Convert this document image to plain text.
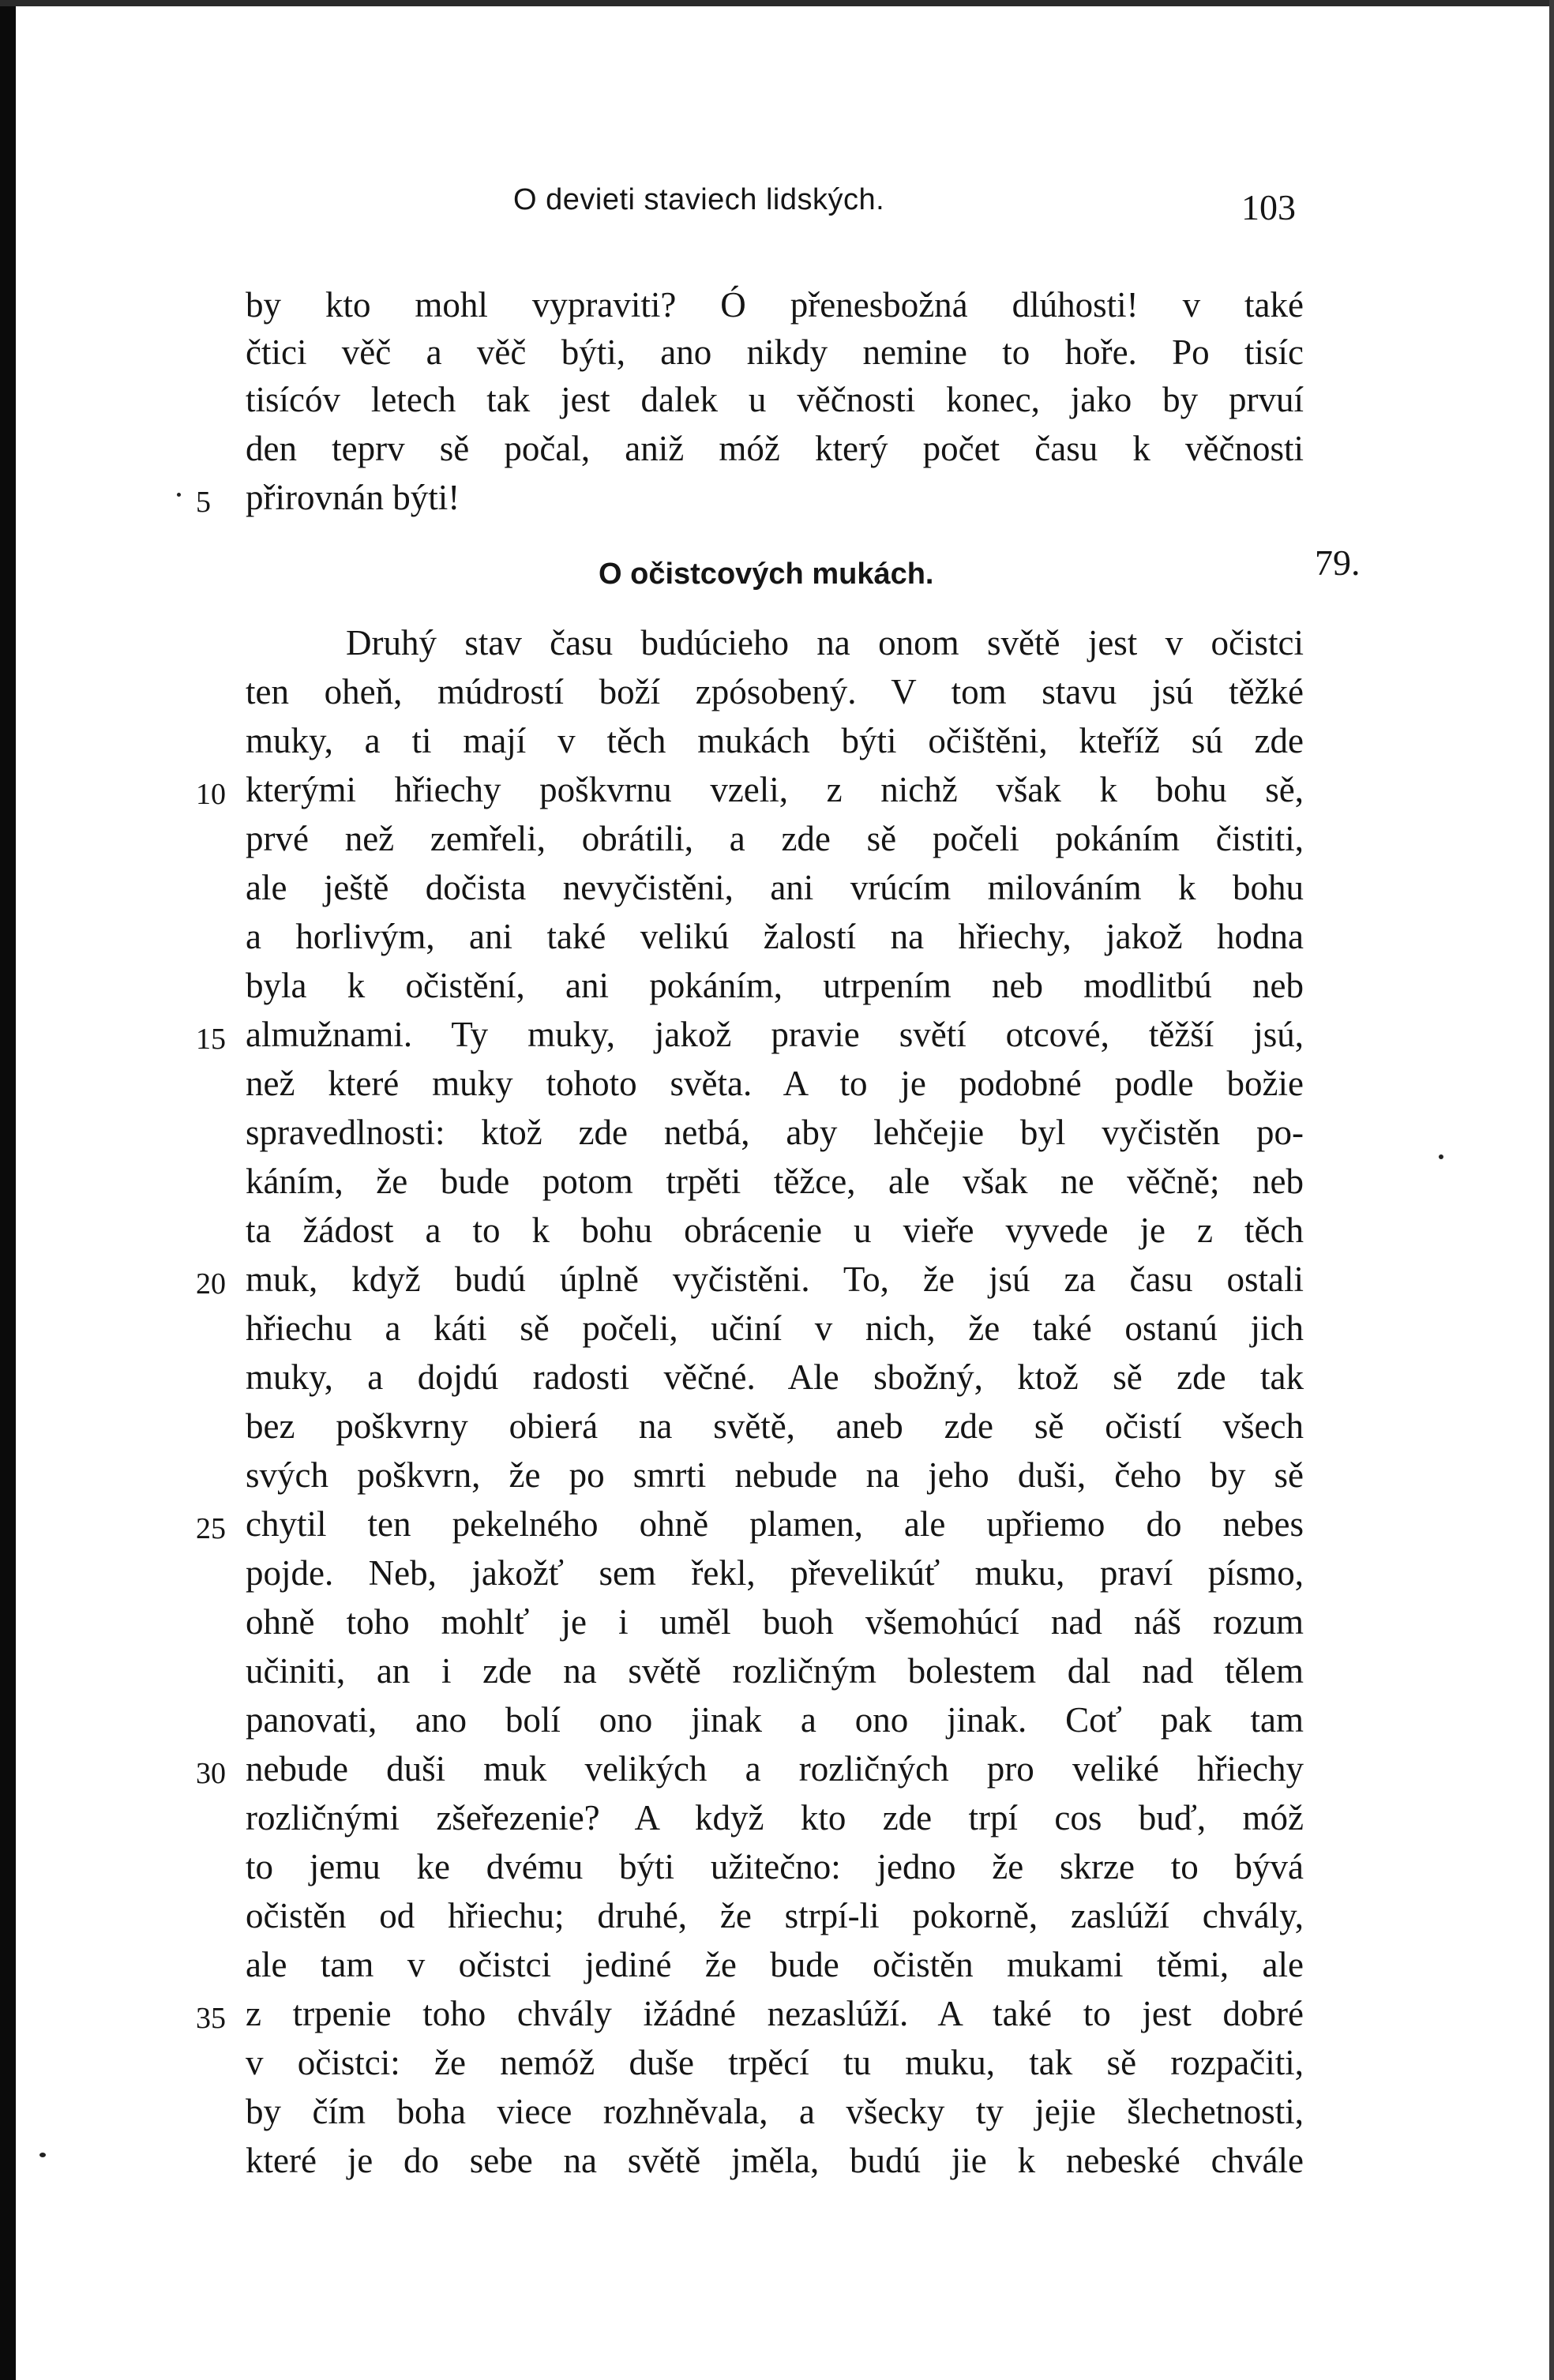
O devieti staviech lidských.	103
by kto mohl vypraviti? Ó přenesbožná dlúhosti! v také
čtici věč a věč býti, ano nikdy nemine to hoře. Po tisíc
tisícóv letech tak jest dalek u věčnosti konec, jako by prvuí
den teprv sě počal, aniž móž který počet času k věčnosti
přirovnán býti!
O očistcových mukách.	79.
Druhý stav času budúcieho na onom světě jest v očistci
ten oheň, múdrostí boží zpósobený. V tom stavu jsú těžké
muky, a ti mají v těch mukách býti očištěni, kteříž sú zde
kterými hřiechy poškvrnu vzeli, z nichž však k bohu sě,
prvé než zemřeli, obrátili, a zde sě počeli pokáním čistiti,
ale ještě dočista nevyčistěni, ani vrúcím milováním k bohu
a horlivým, ani také velikú žalostí na hřiechy, jakož hodna
byla k očistění, ani pokáním, utrpením neb modlitbú neb
almužnami. Ty muky, jakož pravie světí otcové, těžší jsú,
než které muky tohoto světa. A to je podobné podle božie
spravedlnosti: ktož zde netbá, aby lehčejie byl vyčistěn po-
káním, že bude potom trpěti těžce, ale však ne věčně; neb
ta žádost a to k bohu obrácenie u vieře vyvede je z těch
muk, když budú úplně vyčistěni. To, že jsú za času ostali
hřiechu a káti sě počeli, učiní v nich, že také ostanú jich
muky, a dojdú radosti věčné. Ale sbožný, ktož sě zde tak
bez poškvrny obierá na světě, aneb zde sě očistí všech
svých poškvrn, že po smrti nebude na jeho duši, čeho by sě
chytil ten pekelného ohně plamen, ale upřiemo do nebes
pojde. Neb, jakožť sem řekl, převelikúť muku, praví písmo,
ohně toho mohlť je i uměl buoh všemohúcí nad náš rozum
učiniti, an i zde na světě rozličným bolestem dal nad tělem
panovati, ano bolí ono jinak a ono jinak. Coť pak tam
nebude duši muk velikých a rozličných pro veliké hřiechy
rozličnými zšeřezenie? A když kto zde trpí cos buď, móž
to jemu ke dvému býti užitečno: jedno že skrze to bývá
očistěn od hřiechu; druhé, že strpí-li pokorně, zaslúží chvály,
ale tam v očistci jediné že bude očistěn mukami těmi, ale
z trpenie toho chvály ižádné nezaslúží. A také to jest dobré
v očistci: že nemóž duše trpěcí tu muku, tak sě rozpačiti,
by čím boha viece rozhněvala, a všecky ty jejie šlechetnosti,
které je do sebe na světě jměla, budú jie k nebeské chvále
5
10
15
20
25
30
35
